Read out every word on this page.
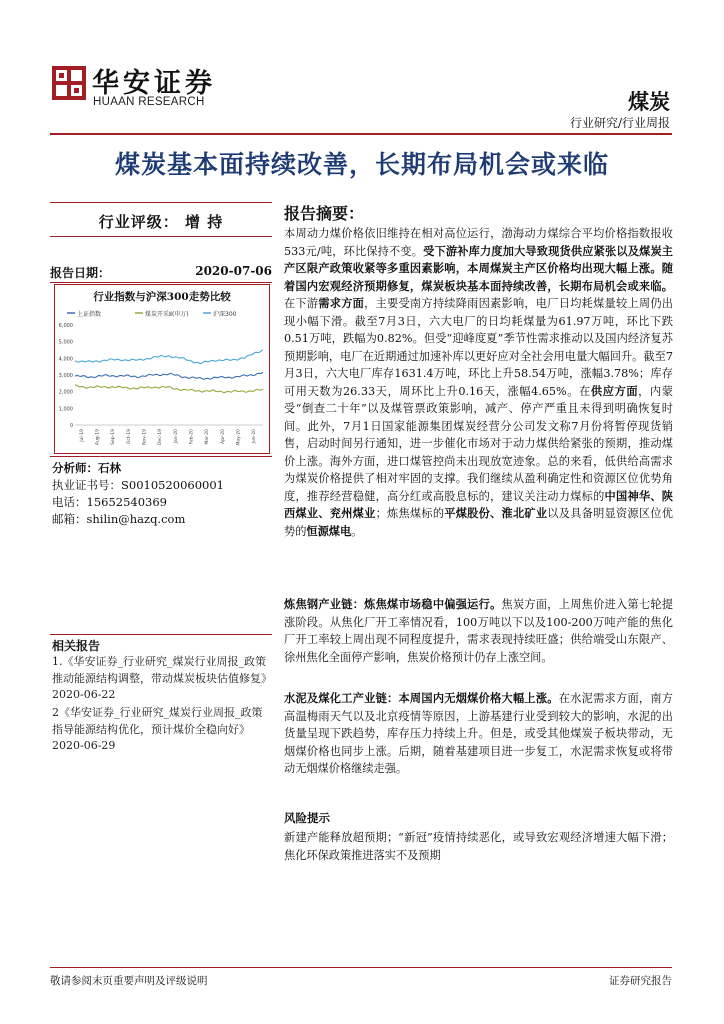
华安证券
HUAAN RESEARCH	煤炭
行业研究/行业周报
煤炭基本面持续改善，长期布局机会或来临
行业评级： 增 持
报告日期：	2020-07-06
行业指数与沪深300走势比较
上证指数	煤炭开采Ⅱ(申万)	沪深300
0
1,000
2,000
3,000
4,000
5,000
6,000
Jul-19 Aug-19 Sep-19 Oct-19 Nov-19 Dec-19 Jan-20 Feb-20 Mar-20 Apr-20 May-20 Jun-20
分析师：石林
执业证书号：S0010520060001
电话：15652540369
邮箱：shilin@hazq.com
相关报告
1.《华安证券_行业研究_煤炭行业周报_政策推动能源结构调整，带动煤炭板块估值修复》2020-06-22
2《华安证券_行业研究_煤炭行业周报_政策指导能源结构优化，预计煤价全稳向好》2020-06-29
报告摘要：
本周动力煤价格依旧维持在相对高位运行，渤海动力煤综合平均价格指数报收533元/吨，环比保持不变。受下游补库力度加大导致现货供应紧张以及煤炭主产区限产政策收紧等多重因素影响，本周煤炭主产区价格均出现大幅上涨。随着国内宏观经济预期修复，煤炭板块基本面持续改善，长期布局机会或来临。在下游需求方面，主要受南方持续降雨因素影响，电厂日均耗煤量较上周仍出现小幅下滑。截至7月3日，六大电厂的日均耗煤量为61.97万吨，环比下跌0.51万吨，跌幅为0.82%。但受“迎峰度夏”季节性需求推动以及国内经济复苏预期影响，电厂在近期通过加速补库以更好应对全社会用电量大幅回升。截至7月3日，六大电厂库存1631.4万吨，环比上升58.54万吨，涨幅3.78%；库存可用天数为26.33天，周环比上升0.16天，涨幅4.65%。在供应方面，内蒙受“倒查二十年”以及煤管票政策影响，减产、停产严重且未得到明确恢复时间。此外，7月1日国家能源集团煤炭经营分公司发文称7月份将暂停现货销售，启动时间另行通知，进一步催化市场对于动力煤供给紧张的预期，推动煤价上涨。海外方面，进口煤管控尚未出现放宽迹象。总的来看，低供给高需求为煤炭价格提供了相对牢固的支撑。我们继续从盈利确定性和资源区位优势角度，推荐经营稳健，高分红或高股息标的，建议关注动力煤标的中国神华、陕西煤业、兖州煤业；炼焦煤标的平煤股份、淮北矿业以及具备明显资源区位优势的恒源煤电。
炼焦钢产业链：炼焦煤市场稳中偏强运行。焦炭方面，上周焦价进入第七轮提涨阶段。从焦化厂开工率情况看，100万吨以下以及100-200万吨产能的焦化厂开工率较上周出现不同程度提升，需求表现持续旺盛；供给端受山东限产、徐州焦化全面停产影响，焦炭价格预计仍存上涨空间。
水泥及煤化工产业链：本周国内无烟煤价格大幅上涨。在水泥需求方面，南方高温梅雨天气以及北京疫情等原因，上游基建行业受到较大的影响，水泥的出货量呈现下跌趋势，库存压力持续上升。但是，或受其他煤炭子板块带动，无烟煤价格也同步上涨。后期，随着基建项目进一步复工，水泥需求恢复或将带动无烟煤价格继续走强。
风险提示
新建产能释放超预期；“新冠”疫情持续恶化，或导致宏观经济增速大幅下滑；焦化环保政策推进落实不及预期
敬请参阅末页重要声明及评级说明	证券研究报告
